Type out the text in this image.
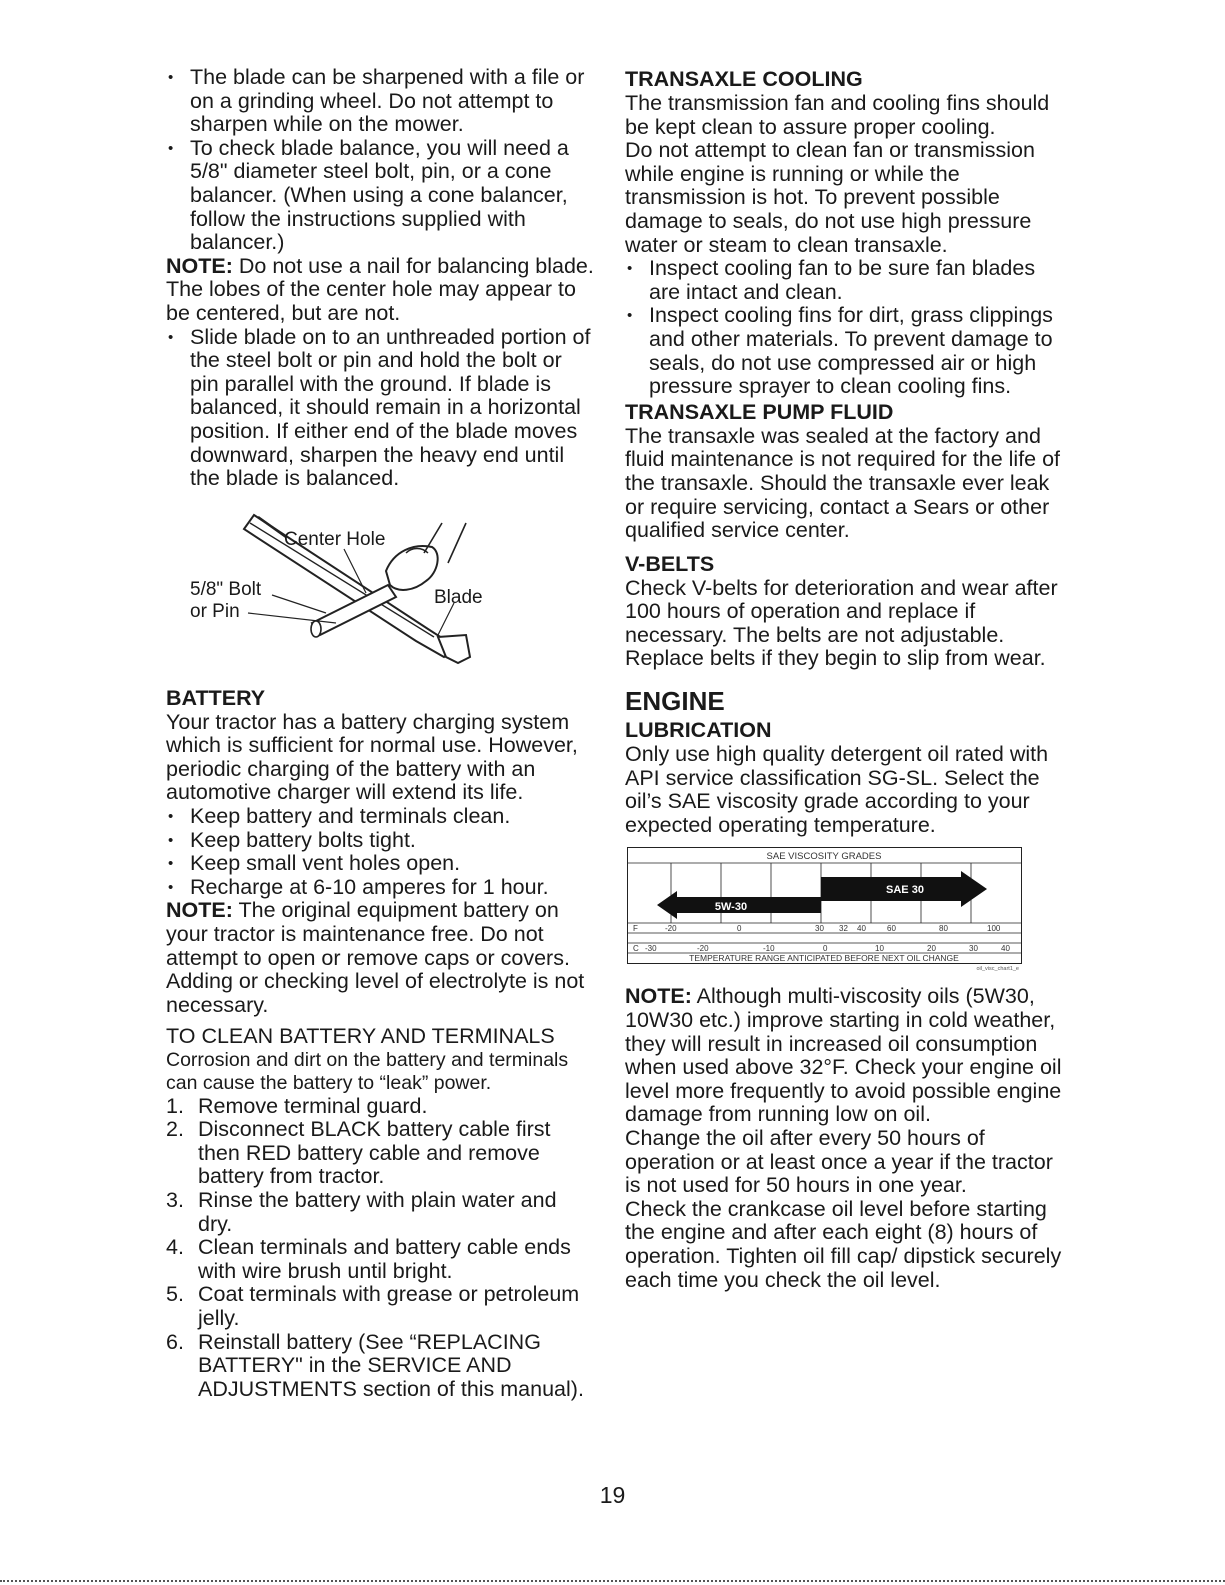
• The blade can be sharpened with a file or on a grinding wheel. Do not attempt to sharpen while on the mower.
• To check blade balance, you will need a 5/8" diameter steel bolt, pin, or a cone balancer. (When using a cone balancer, follow the instructions supplied with balancer.)

NOTE: Do not use a nail for balancing blade. The lobes of the center hole may appear to be centered, but are not.

• Slide blade on to an unthreaded portion of the steel bolt or pin and hold the bolt or pin parallel with the ground. If blade is balanced, it should remain in a horizontal position. If either end of the blade moves downward, sharpen the heavy end until the blade is balanced.
Center Hole
5/8" Bolt
or Pin
Blade
BATTERY

Your tractor has a battery charging system which is sufficient for normal use. However, periodic charging of the battery with an automotive charger will extend its life.

• Keep battery and terminals clean.
• Keep battery bolts tight.
• Keep small vent holes open.
• Recharge at 6-10 amperes for 1 hour.

NOTE: The original equipment battery on your tractor is maintenance free. Do not attempt to open or remove caps or covers. Adding or checking level of electrolyte is not necessary.

TO CLEAN BATTERY AND TERMINALS

Corrosion and dirt on the battery and terminals can cause the battery to “leak” power.

1. Remove terminal guard.
2. Disconnect BLACK battery cable first then RED battery cable and remove battery from tractor.
3. Rinse the battery with plain water and dry.
4. Clean terminals and battery cable ends with wire brush until bright.
5. Coat terminals with grease or petroleum jelly.
6. Reinstall battery (See “REPLACING BATTERY" in the SERVICE AND ADJUSTMENTS section of this manual).
TRANSAXLE COOLING

The transmission fan and cooling fins should be kept clean to assure proper cooling.

Do not attempt to clean fan or transmission while engine is running or while the transmission is hot. To prevent possible damage to seals, do not use high pressure water or steam to clean transaxle.

• Inspect cooling fan to be sure fan blades are intact and clean.
• Inspect cooling fins for dirt, grass clippings and other materials. To prevent damage to seals, do not use compressed air or high pressure sprayer to clean cooling fins.
TRANSAXLE PUMP FLUID

The transaxle was sealed at the factory and fluid maintenance is not required for the life of the transaxle. Should the transaxle ever leak or require servicing, contact a Sears or other qualified service center.

V-BELTS

Check V-belts for deterioration and wear after 100 hours of operation and replace if necessary. The belts are not adjustable. Replace belts if they begin to slip from wear.

ENGINE
LUBRICATION

Only use high quality detergent oil rated with API service classification SG-SL. Select the oil’s SAE viscosity grade according to your expected operating temperature.

SAE VISCOSITY GRADES
SAE 30
5W-30
F	-20	0	30 32 40	60	80	100
C -30	-20	-10	0	10	20	30	40
TEMPERATURE RANGE ANTICIPATED BEFORE NEXT OIL CHANGE
oil_visc_chart1_e

NOTE: Although multi-viscosity oils (5W30, 10W30 etc.) improve starting in cold weather, they will result in increased oil consumption when used above 32°F. Check your engine oil level more frequently to avoid possible engine damage from running low on oil.

Change the oil after every 50 hours of operation or at least once a year if the tractor is not used for 50 hours in one year.

Check the crankcase oil level before starting the engine and after each eight (8) hours of operation. Tighten oil fill cap/ dipstick securely each time you check the oil level.

19
